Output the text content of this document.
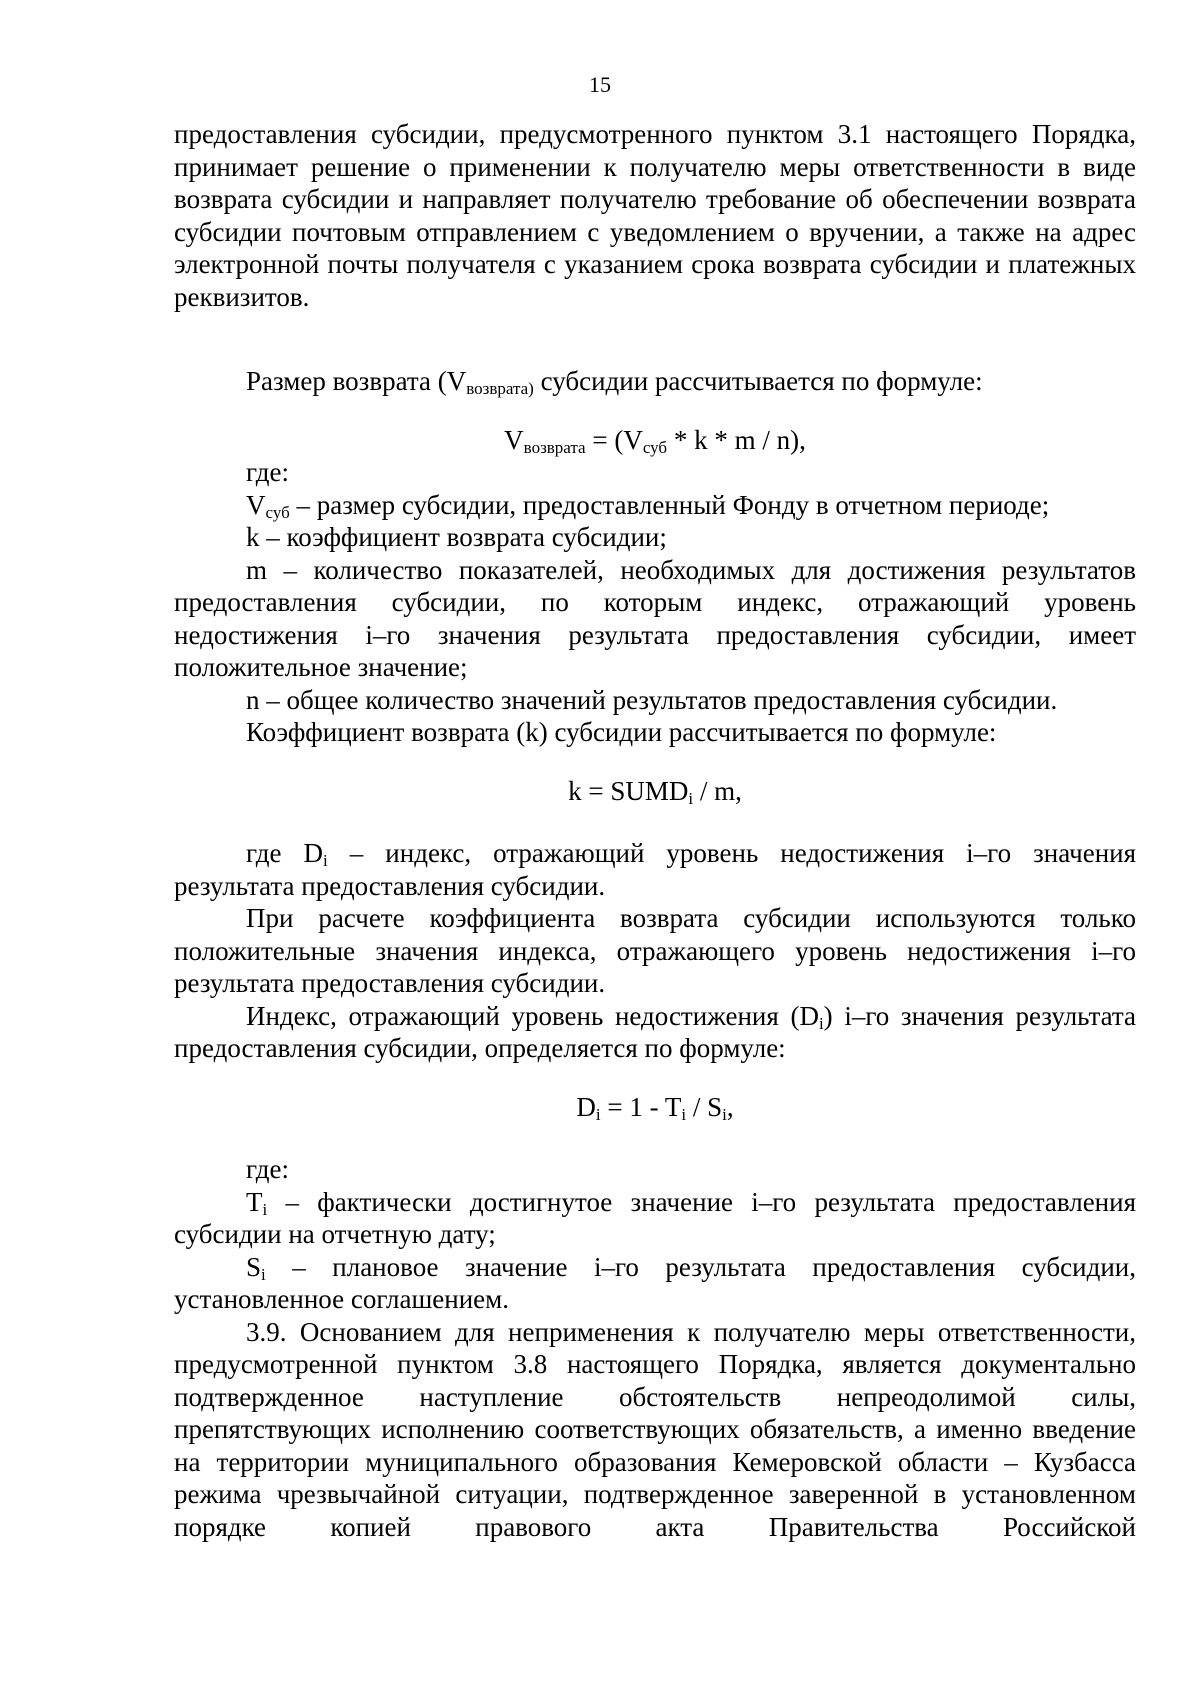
15

предоставления субсидии, предусмотренного пунктом 3.1 настоящего Порядка, принимает решение о применении к получателю меры ответственности в виде возврата субсидии и направляет получателю требование об обеспечении возврата субсидии почтовым отправлением с уведомлением о вручении, а также на адрес электронной почты получателя с указанием срока возврата субсидии и платежных реквизитов.

Размер возврата ($V_{возврата)}$ субсидии рассчитывается по формуле:

$V_{возврата} = (V_{суб} * k * m / n)$,

где:

$V_{суб}$ – размер субсидии, предоставленный Фонду в отчетном периоде;

k – коэффициент возврата субсидии;

m – количество показателей, необходимых для достижения результатов предоставления субсидии, по которым индекс, отражающий уровень недостижения i–го значения результата предоставления субсидии, имеет положительное значение;

n – общее количество значений результатов предоставления субсидии.

Коэффициент возврата (k) субсидии рассчитывается по формуле:

$k = SUMD_i / m$,

где $D_i$ – индекс, отражающий уровень недостижения i–го значения результата предоставления субсидии.

При расчете коэффициента возврата субсидии используются только положительные значения индекса, отражающего уровень недостижения i–го результата предоставления субсидии.

Индекс, отражающий уровень недостижения $(D_i)$ i–го значения результата предоставления субсидии, определяется по формуле:

$D_i = 1 - T_i / S_i$,

где:

$T_i$ – фактически достигнутое значение i–го результата предоставления субсидии на отчетную дату;

$S_i$ – плановое значение i–го результата предоставления субсидии, установленное соглашением.

3.9. Основанием для неприменения к получателю меры ответственности, предусмотренной пунктом 3.8 настоящего Порядка, является документально подтвержденное наступление обстоятельств непреодолимой силы, препятствующих исполнению соответствующих обязательств, а именно введение на территории муниципального образования Кемеровской области – Кузбасса режима чрезвычайной ситуации, подтвержденное заверенной в установленном порядке копией правового акта Правительства Российской
